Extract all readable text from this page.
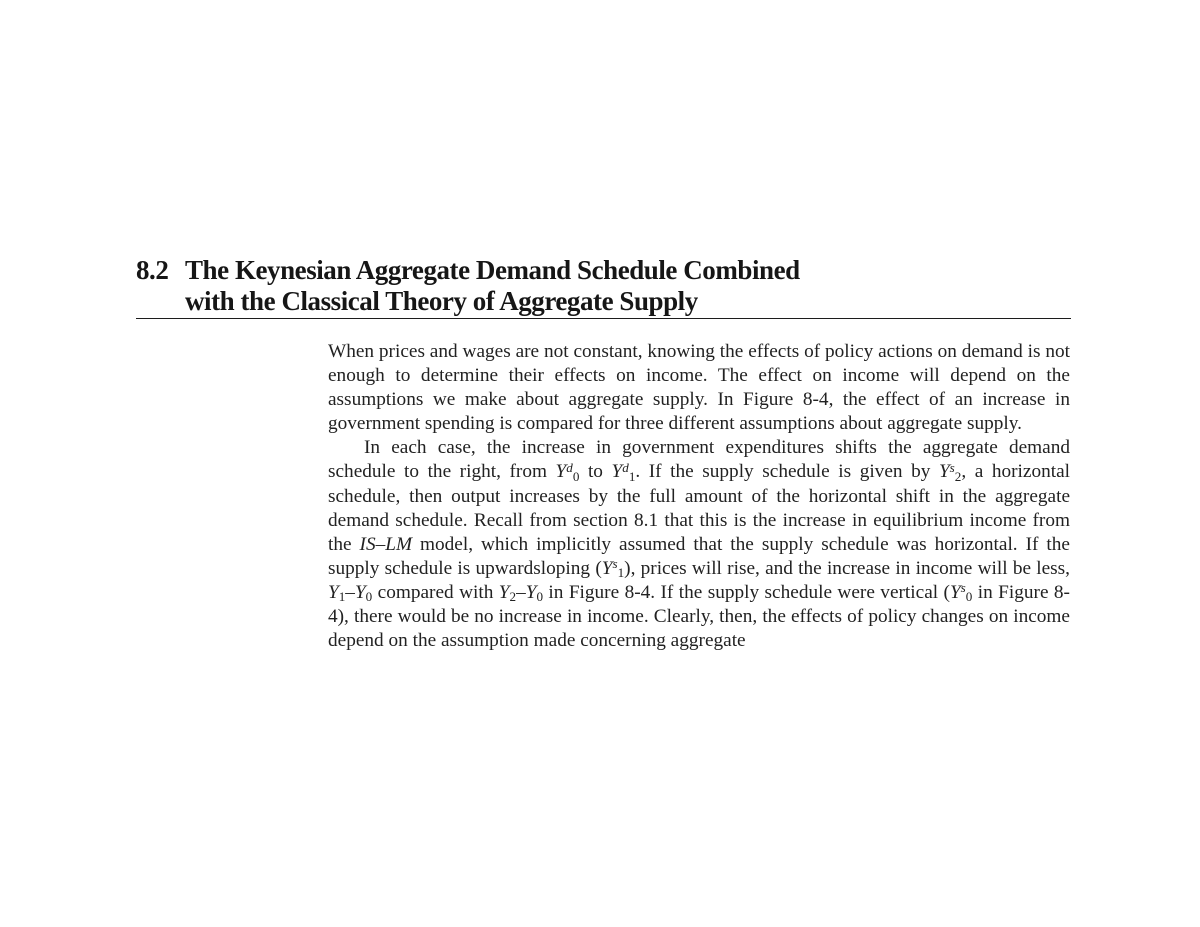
8.2 The Keynesian Aggregate Demand Schedule Combined
with the Classical Theory of Aggregate Supply

When prices and wages are not constant, knowing the effects of policy actions on demand is not enough to determine their effects on income. The effect on income will depend on the assumptions we make about aggregate supply. In Figure 8-4, the effect of an increase in government spending is compared for three different assumptions about aggregate supply.

In each case, the increase in government expenditures shifts the aggregate demand schedule to the right, from $Y^d_0$ to $Y^d_1$. If the supply schedule is given by $Y^s_2$, a horizontal schedule, then output increases by the full amount of the horizontal shift in the aggregate demand schedule. Recall from section 8.1 that this is the increase in equilibrium income from the IS–LM model, which implicitly assumed that the supply schedule was horizontal. If the supply schedule is upwardsloping $(Y^s_1)$, prices will rise, and the increase in income will be less, $Y_1-Y_0$ compared with $Y_2-Y_0$ in Figure 8-4. If the supply schedule were vertical ($Y^s_0$ in Figure 8-4), there would be no increase in income. Clearly, then, the effects of policy changes on income depend on the assumption made concerning aggregate
